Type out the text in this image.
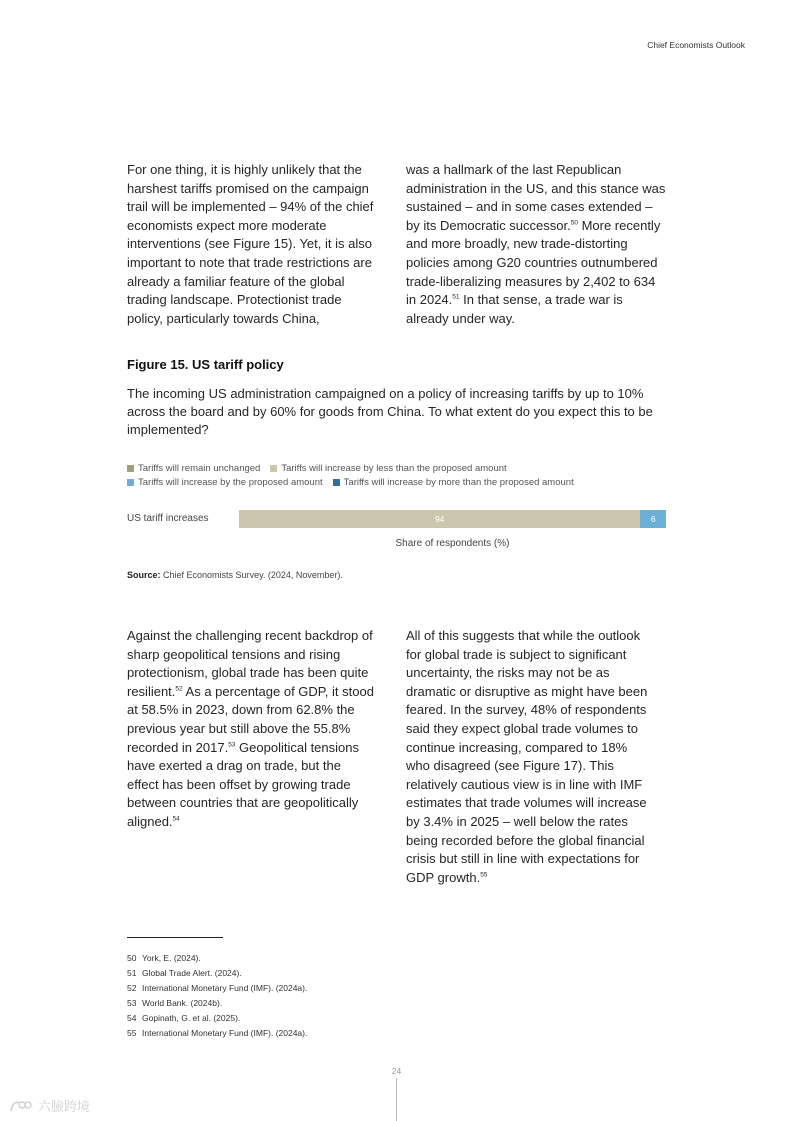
Chief Economists Outlook

For one thing, it is highly unlikely that the harshest tariffs promised on the campaign trail will be implemented – 94% of the chief economists expect more moderate interventions (see Figure 15). Yet, it is also important to note that trade restrictions are already a familiar feature of the global trading landscape. Protectionist trade policy, particularly towards China,

was a hallmark of the last Republican administration in the US, and this stance was sustained – and in some cases extended – by its Democratic successor.$^{50}$ More recently and more broadly, new trade-distorting policies among G20 countries outnumbered trade-liberalizing measures by 2,402 to 634 in 2024.51 In that sense, a trade war is already under way.

Figure 15. US tariff policy
The incoming US administration campaigned on a policy of increasing tariffs by up to 10% across the board and by 60% for goods from China. To what extent do you expect this to be implemented?
Tariffs will remain unchanged Tariffs will increase by less than the proposed amount
Tariffs will increase by the proposed amount Tariffs will increase by more than the proposed amount
US tariff increases	94	6
Share of respondents (%)
Source: Chief Economists Survey. (2024, November).

Against the challenging recent backdrop of sharp geopolitical tensions and rising protectionism, global trade has been quite resilient.$^{52}$ As a percentage of GDP, it stood at 58.5% in 2023, down from 62.8% the previous year but still above the 55.8% recorded in 2017.53 Geopolitical tensions have exerted a drag on trade, but the effect has been offset by growing trade between countries that are geopolitically aligned.$^{54}$

All of this suggests that while the outlook for global trade is subject to significant uncertainty, the risks may not be as dramatic or disruptive as might have been feared. In the survey, 48% of respondents said they expect global trade volumes to continue increasing, compared to 18% who disagreed (see Figure 17). This relatively cautious view is in line with IMF estimates that trade volumes will increase by 3.4% in 2025 – well below the rates being recorded before the global financial crisis but still in line with expectations for GDP growth.$^{55}$

50 York, E. (2024).
51 Global Trade Alert. (2024).
52 International Monetary Fund (IMF). (2024a).
53 World Bank. (2024b).
54 Gopinath, G. et al. (2025).
55 International Monetary Fund (IMF). (2024a).
24
六臉跨境
